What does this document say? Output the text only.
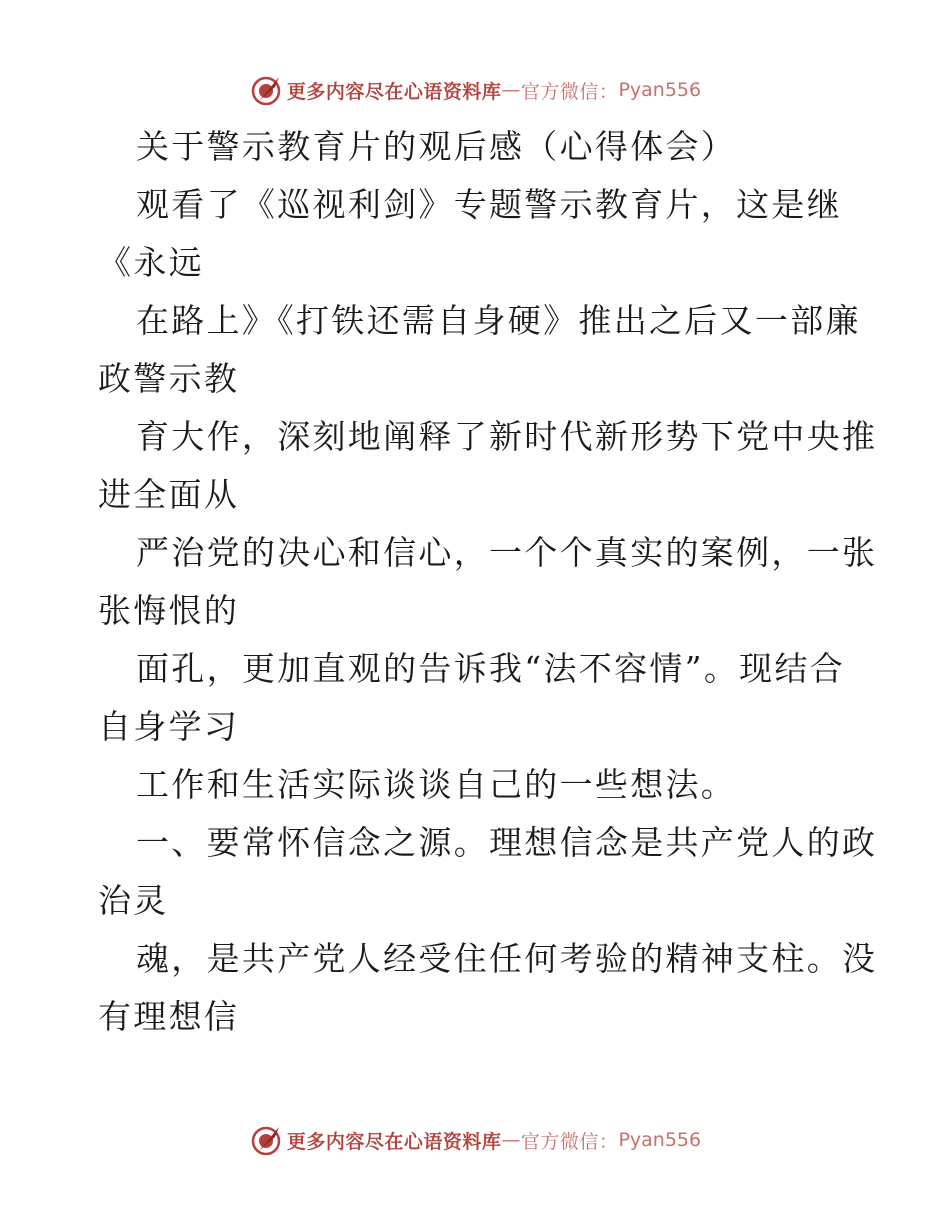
更多内容尽在心语资料库 — 官方微信： Pyan556
关于警示教育片的观后感（心得体会）
观看了《巡视利剑》专题警示教育片，这是继
《永远
在路上》《打铁还需自身硬》推出之后又一部廉
政警示教
育大作，深刻地阐释了新时代新形势下党中央推
进全面从
严治党的决心和信心，一个个真实的案例，一张
张悔恨的
面孔，更加直观的告诉我“法不容情”。现结合
自身学习
工作和生活实际谈谈自己的一些想法。
一、要常怀信念之源。理想信念是共产党人的政
治灵
魂，是共产党人经受住任何考验的精神支柱。没
有理想信
更多内容尽在心语资料库 — 官方微信： Pyan556
